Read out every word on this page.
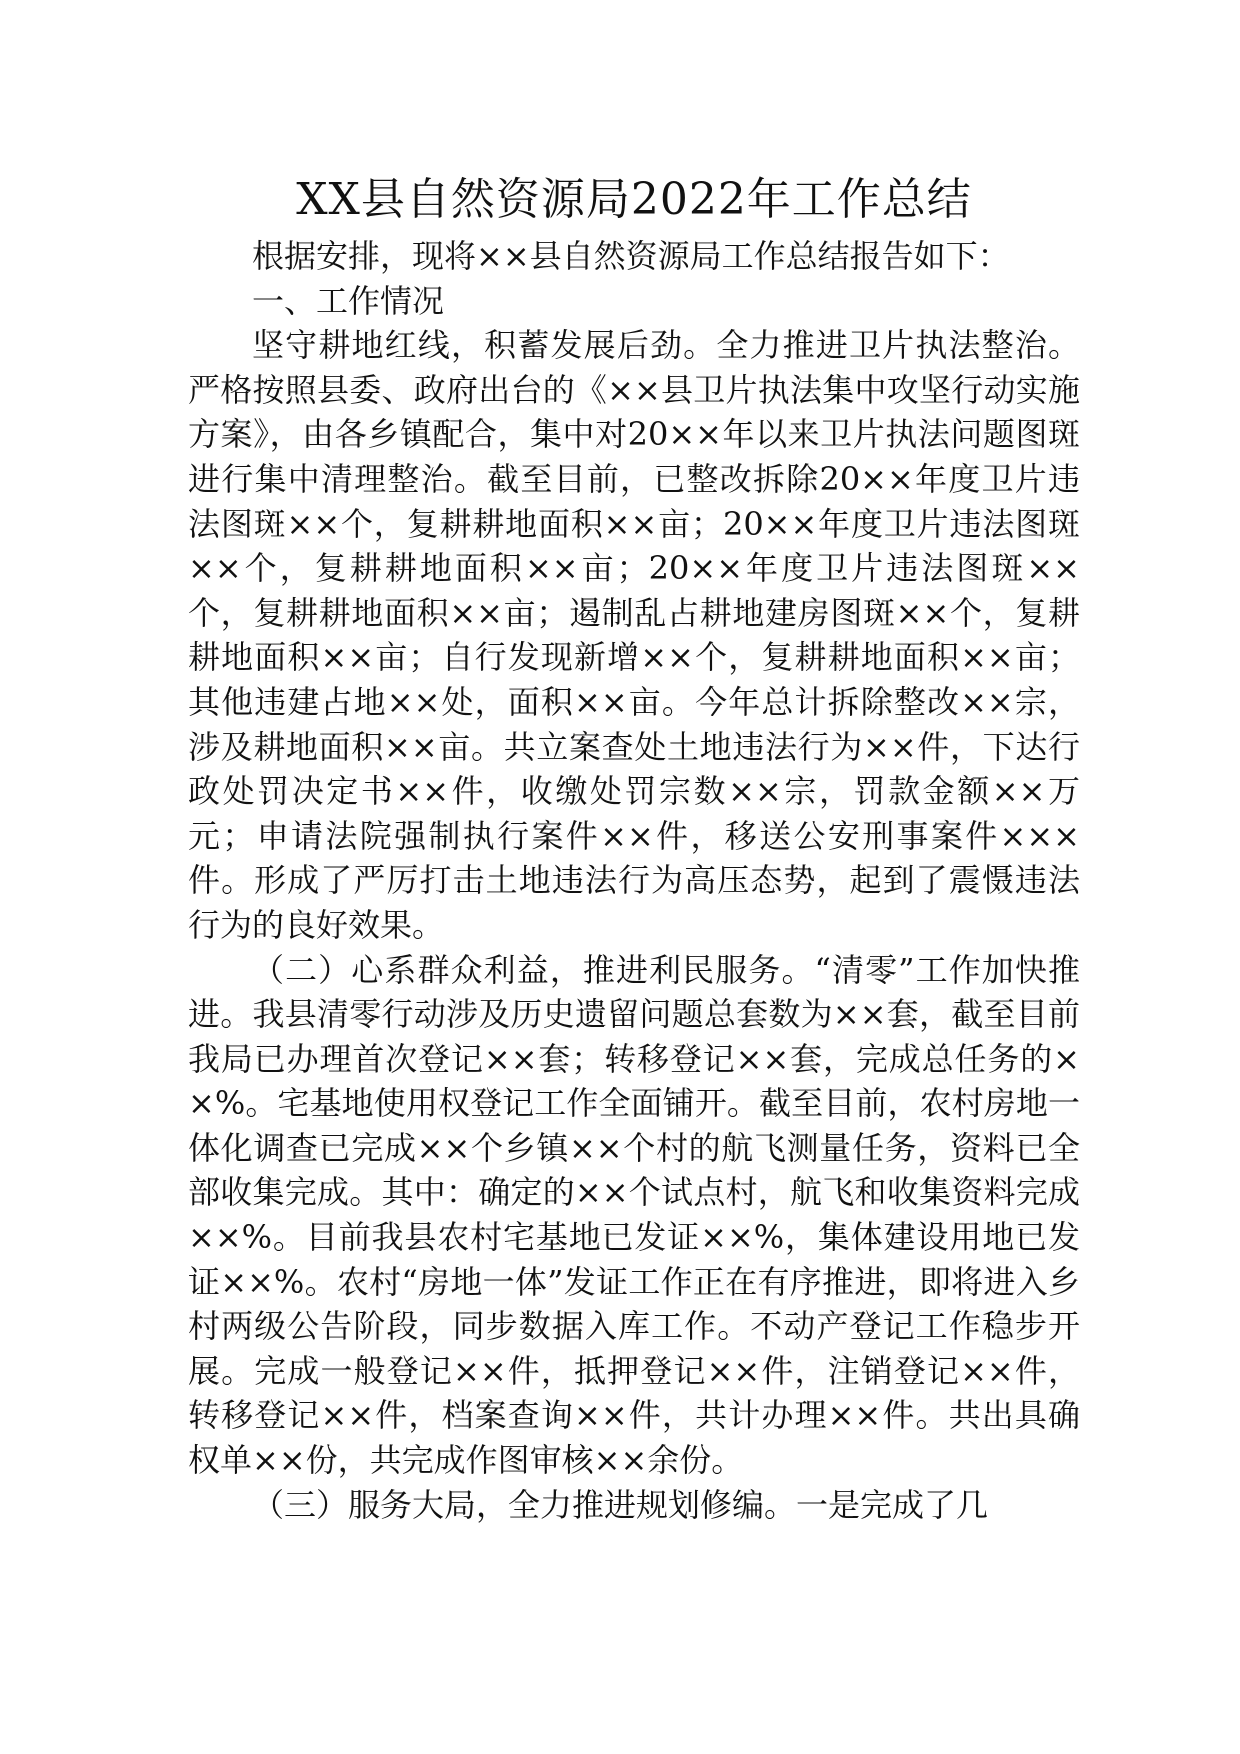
XX县自然资源局2022年工作总结

根据安排，现将××县自然资源局工作总结报告如下：

一、工作情况

坚守耕地红线，积蓄发展后劲。全力推进卫片执法整治。严格按照县委、政府出台的《××县卫片执法集中攻坚行动实施方案》，由各乡镇配合，集中对20××年以来卫片执法问题图斑进行集中清理整治。截至目前，已整改拆除20××年度卫片违法图斑××个，复耕耕地面积××亩；20××年度卫片违法图斑××个，复耕耕地面积××亩；20××年度卫片违法图斑××个，复耕耕地面积××亩；遏制乱占耕地建房图斑××个，复耕耕地面积××亩；自行发现新增××个，复耕耕地面积××亩；其他违建占地××处，面积××亩。今年总计拆除整改××宗，涉及耕地面积××亩。共立案查处土地违法行为××件，下达行政处罚决定书××件，收缴处罚宗数××宗，罚款金额××万元；申请法院强制执行案件××件，移送公安刑事案件×××件。形成了严厉打击土地违法行为高压态势，起到了震慑违法行为的良好效果。

（二）心系群众利益，推进利民服务。“清零”工作加快推进。我县清零行动涉及历史遗留问题总套数为××套，截至目前我局已办理首次登记××套；转移登记××套，完成总任务的××%。宅基地使用权登记工作全面铺开。截至目前，农村房地一体化调查已完成××个乡镇××个村的航飞测量任务，资料已全部收集完成。其中：确定的××个试点村，航飞和收集资料完成××%。目前我县农村宅基地已发证××%，集体建设用地已发证××%。农村“房地一体”发证工作正在有序推进，即将进入乡村两级公告阶段，同步数据入库工作。不动产登记工作稳步开展。完成一般登记××件，抵押登记××件，注销登记××件，转移登记××件，档案查询××件，共计办理××件。共出具确权单××份，共完成作图审核××余份。

（三）服务大局，全力推进规划修编。一是完成了几
